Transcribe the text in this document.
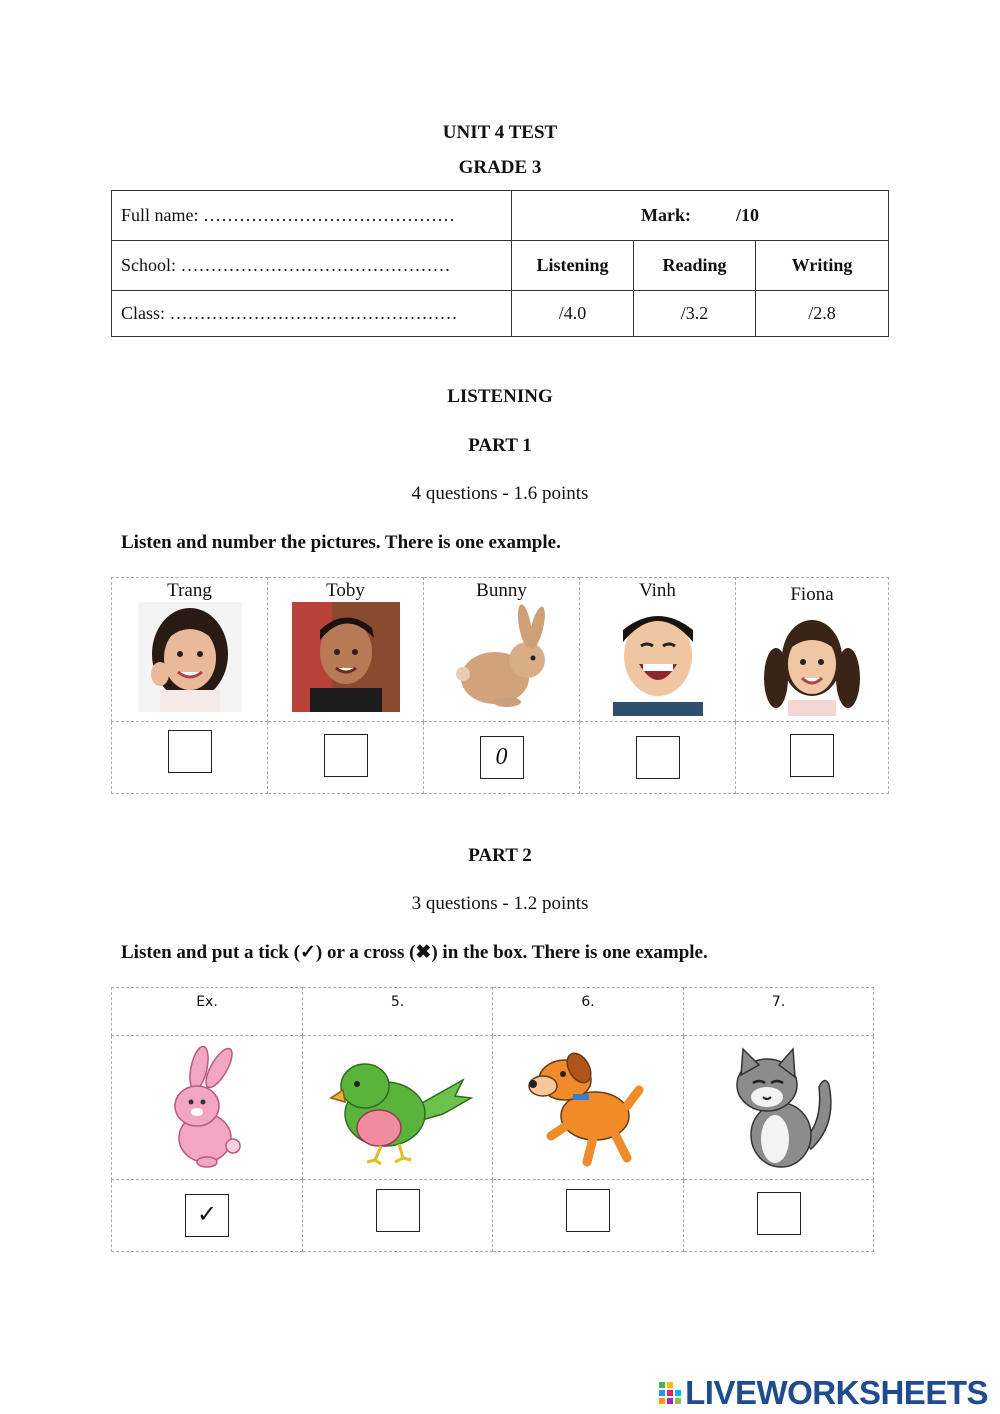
UNIT 4 TEST
GRADE 3
Full name: ……………………………………	Mark: /10		
School: ………………………………………	Listening	Reading	Writing
Class: …………………………………………	/4.0	/3.2	/2.8
LISTENING
PART 1
4 questions - 1.6 points
Listen and number the pictures. There is one example.
Trang	Toby	Bunny	Vinh	Fiona

		0		
PART 2
3 questions - 1.2 points
Listen and put a tick (✓) or a cross (✖) in the box. There is one example.
Ex.	5.	6.	7.

✓			
LIVEWORKSHEETS
